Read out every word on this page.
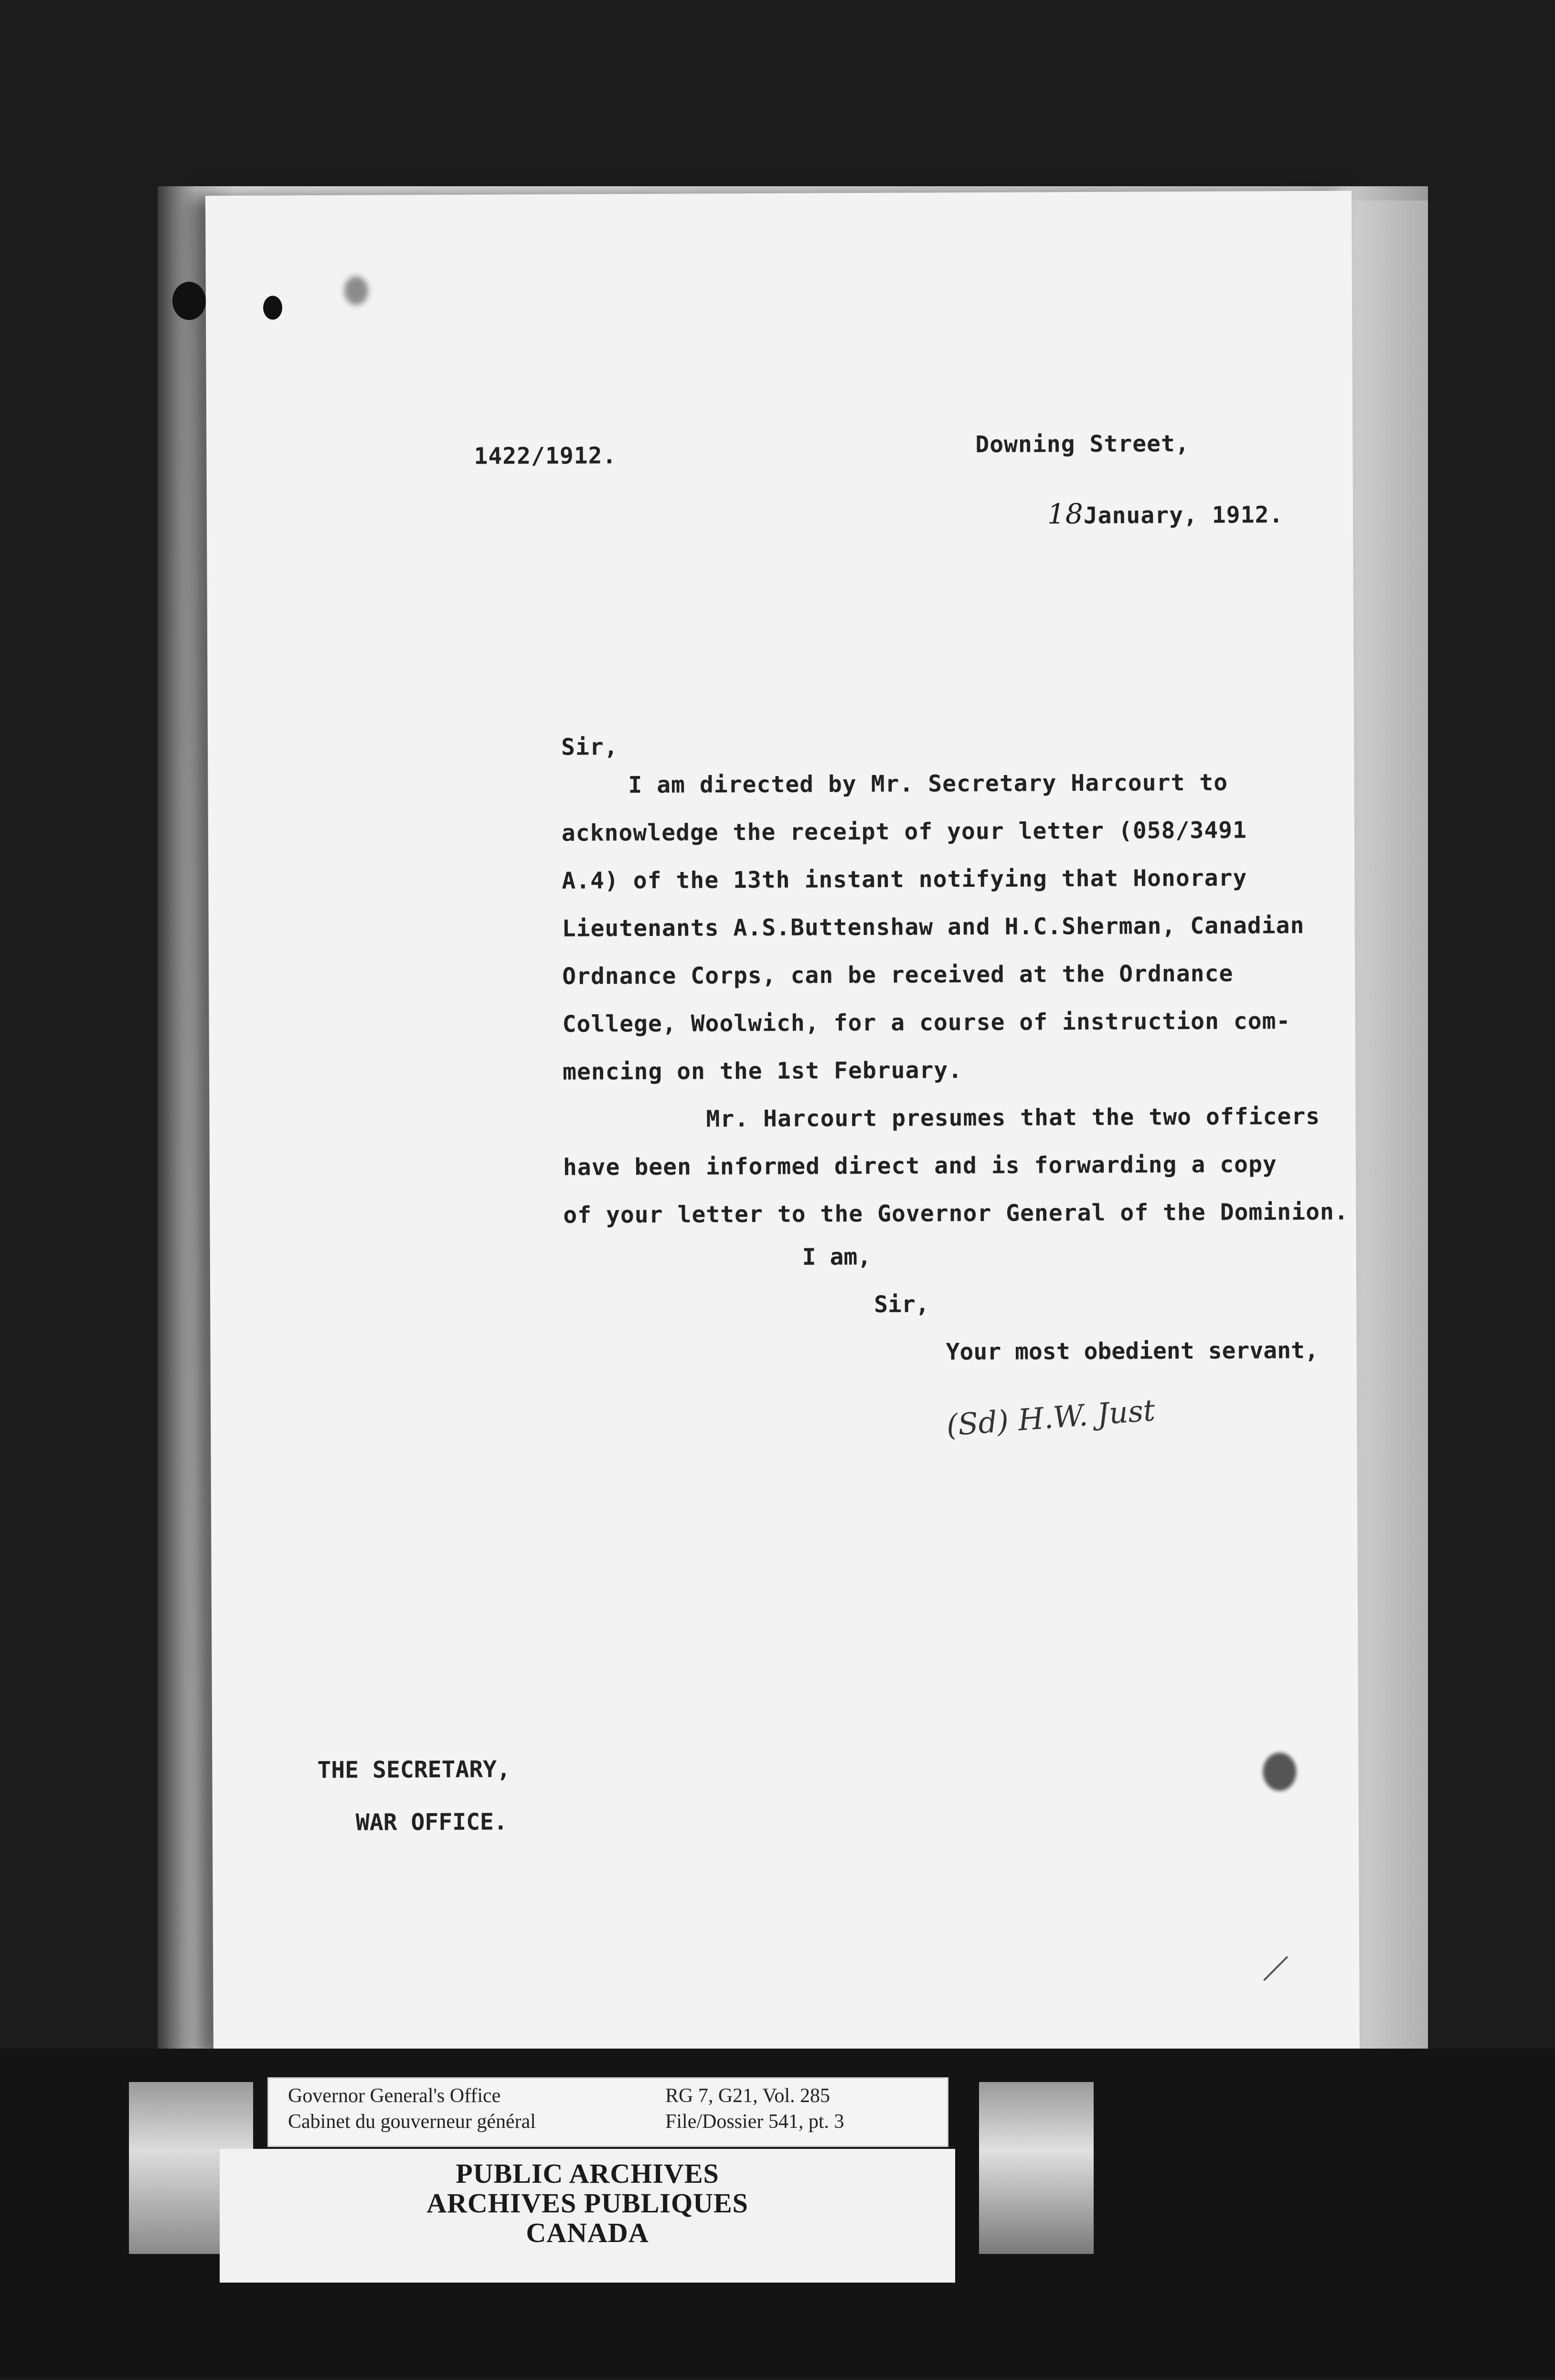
1422/1912.	Downing Street,
18January, 1912.
Sir,
I am directed by Mr. Secretary Harcourt to
acknowledge the receipt of your letter (058/3491
A.4) of the 13th instant notifying that Honorary
Lieutenants A.S.Buttenshaw and H.C.Sherman, Canadian
Ordnance Corps, can be received at the Ordnance
College, Woolwich, for a course of instruction com-
mencing on the 1st February.
Mr. Harcourt presumes that the two officers
have been informed direct and is forwarding a copy
of your letter to the Governor General of the Dominion.
I am,
Sir,
Your most obedient servant,
(Sd) H.W. Just
THE SECRETARY,
WAR OFFICE.
Governor General's Office
Cabinet du gouverneur général
RG 7, G21, Vol. 285
File/Dossier 541, pt. 3
PUBLIC ARCHIVES
ARCHIVES PUBLIQUES
CANADA
